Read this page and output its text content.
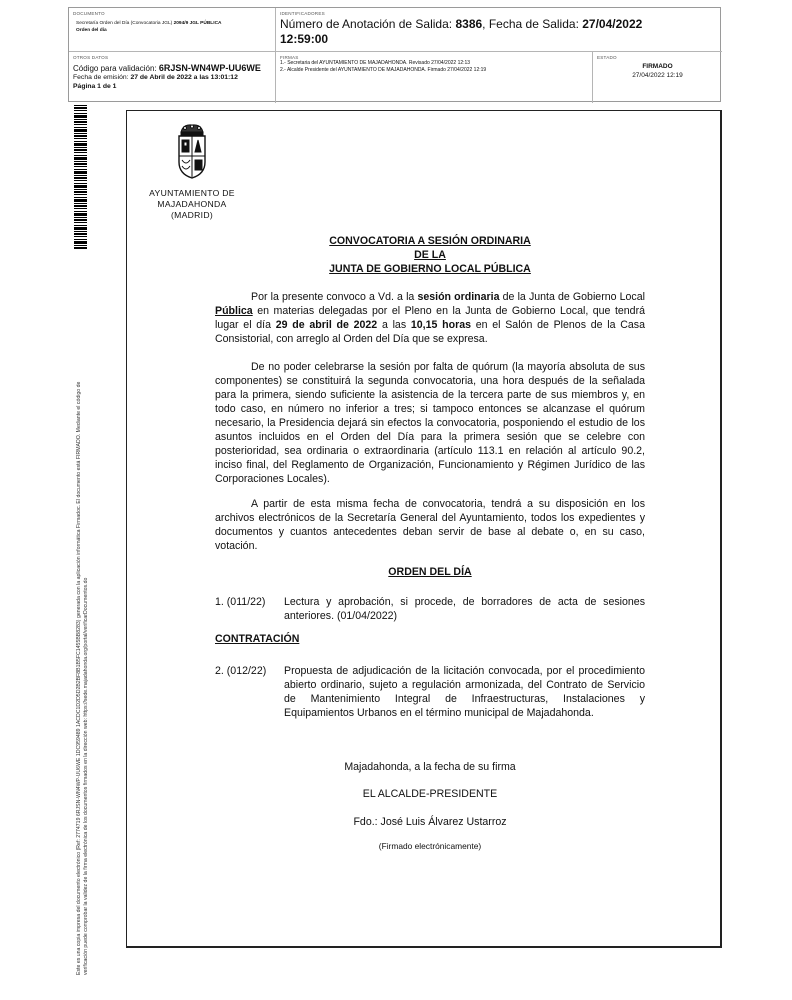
DOCUMENTO
Secretaría Orden del Día (Convocatoria JGL) 2094/9 JGL PÚBLICA
Orden del día
IDENTIFICADORES
Número de Anotación de Salida: 8386, Fecha de Salida: 27/04/2022
12:59:00
OTROS DATOS
Código para validación: 6RJSN-WN4WP-UU6WE
Fecha de emisión: 27 de Abril de 2022 a las 13:01:12
Página 1 de 1
FIRMAS
1.- Secretaria del AYUNTAMIENTO DE MAJADAHONDA. Revisado 27/04/2022 12:13
2.- Alcalde Presidente del AYUNTAMIENTO DE MAJADAHONDA. Firmado 27/04/2022 12:19
ESTADO
FIRMADO
27/04/2022 12:19
Este es una copia impresa del documento electrónico (Ref: 2774719 6RJSN-WN4WP-UU6WE 1DC959489 1ACDC1D2D5D2B2BF8B1B5FC1455BB8283) generada con la aplicación informática Firmadoc. El documento está FIRMADO. Mediante el código de verificación puede comprobar la validez de la firma electrónica de los documentos firmados en la dirección web: https://sede.majadahonda.org/portal/verificarDocumentos.do
AYUNTAMIENTO DE
MAJADAHONDA
(MADRID)
CONVOCATORIA A SESIÓN ORDINARIA
DE LA
JUNTA DE GOBIERNO LOCAL PÚBLICA

Por la presente convoco a Vd. a la sesión ordinaria de la Junta de Gobierno Local Pública en materias delegadas por el Pleno en la Junta de Gobierno Local, que tendrá lugar el día 29 de abril de 2022 a las 10,15 horas en el Salón de Plenos de la Casa Consistorial, con arreglo al Orden del Día que se expresa.

De no poder celebrarse la sesión por falta de quórum (la mayoría absoluta de sus componentes) se constituirá la segunda convocatoria, una hora después de la señalada para la primera, siendo suficiente la asistencia de la tercera parte de sus miembros y, en todo caso, en número no inferior a tres; si tampoco entonces se alcanzase el quórum necesario, la Presidencia dejará sin efectos la convocatoria, posponiendo el estudio de los asuntos incluidos en el Orden del Día para la primera sesión que se celebre con posterioridad, sea ordinaria o extraordinaria (artículo 113.1 en relación al artículo 90.2, inciso final, del Reglamento de Organización, Funcionamiento y Régimen Jurídico de las Corporaciones Locales).

A partir de esta misma fecha de convocatoria, tendrá a su disposición en los archivos electrónicos de la Secretaría General del Ayuntamiento, todos los expedientes y documentos y cuantos antecedentes deban servir de base al debate o, en su caso, votación.

ORDEN DEL DÍA
1. (011/22)	Lectura y aprobación, si procede, de borradores de acta de sesiones anteriores. (01/04/2022)
CONTRATACIÓN
2. (012/22)	Propuesta de adjudicación de la licitación convocada, por el procedimiento abierto ordinario, sujeto a regulación armonizada, del Contrato de Servicio de Mantenimiento Integral de Infraestructuras, Instalaciones y Equipamientos Urbanos en el término municipal de Majadahonda.
Majadahonda, a la fecha de su firma
EL ALCALDE-PRESIDENTE
Fdo.: José Luis Álvarez Ustarroz
(Firmado electrónicamente)
